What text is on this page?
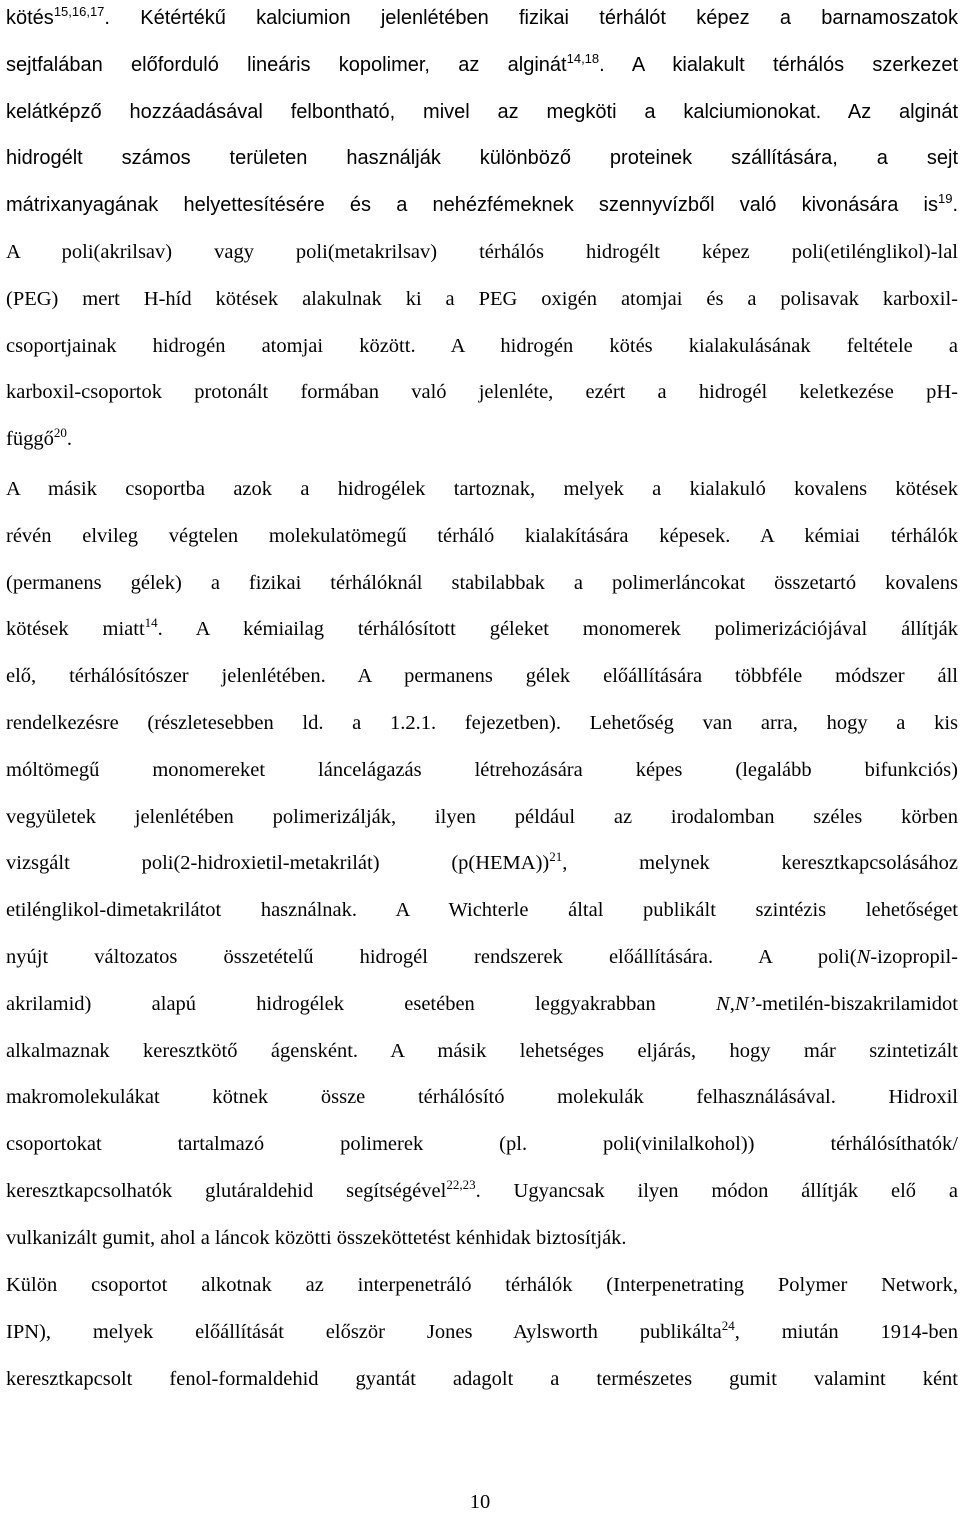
kötés$^{15,16,17}$. Kétértékű kalciumion jelenlétében fizikai térhálót képez a barnamoszatok
sejtfalában előforduló lineáris kopolimer, az alginát$^{14,18}$. A kialakult térhálós szerkezet
kelátképző hozzáadásával felbontható, mivel az megköti a kalciumionokat. Az alginát
hidrogélt számos területen használják különböző proteinek szállítására, a sejt
mátrixanyagának helyettesítésére és a nehézfémeknek szennyvízből való kivonására $is^{19}$.
A poli(akrilsav) vagy poli(metakrilsav) térhálós hidrogélt képez poli(etilénglikol)-lal
(PEG) mert H-híd kötések alakulnak ki a PEG oxigén atomjai és a polisavak karboxil-
csoportjainak hidrogén atomjai között. A hidrogén kötés kialakulásának feltétele a
karboxil-csoportok protonált formában való jelenléte, ezért a hidrogél keletkezése pH-
függő$^{20}$.
A másik csoportba azok a hidrogélek tartoznak, melyek a kialakuló kovalens kötések
révén elvileg végtelen molekulatömegű térháló kialakítására képesek. A kémiai térhálók
(permanens gélek) a fizikai térhálóknál stabilabbak a polimerláncokat összetartó kovalens
kötések miatt$^{14}$. A kémiailag térhálósított géleket monomerek polimerizációjával állítják
elő, térhálósítószer jelenlétében. A permanens gélek előállítására többféle módszer áll
rendelkezésre (részletesebben ld. a 1.2.1. fejezetben). Lehetőség van arra, hogy a kis
móltömegű monomereket láncelágazás létrehozására képes (legalább bifunkciós)
vegyületek jelenlétében polimerizálják, ilyen például az irodalomban széles körben
vizsgált poli(2-hidroxietil-metakrilát) (p(HEMA))$^{21}$, melynek keresztkapcsolásához
etilénglikol-dimetakrilátot használnak. A Wichterle által publikált szintézis lehetőséget
nyújt változatos összetételű hidrogél rendszerek előállítására. A poli(N-izopropil-
akrilamid) alapú hidrogélek esetében leggyakrabban N,N’-metilén-biszakrilamidot
alkalmaznak keresztkötő ágensként. A másik lehetséges eljárás, hogy már szintetizált
makromolekulákat kötnek össze térhálósító molekulák felhasználásával. Hidroxil
csoportokat tartalmazó polimerek (pl. poli(vinilalkohol)) térhálósíthatók/
keresztkapcsolhatók glutáraldehid segítségével$^{22,23}$. Ugyancsak ilyen módon állítják elő a
vulkanizált gumit, ahol a láncok közötti összeköttetést kénhidak biztosítják.
Külön csoportot alkotnak az interpenetráló térhálók (Interpenetrating Polymer Network,
IPN), melyek előállítását először Jones Aylsworth publikálta$^{24}$, miután 1914-ben
keresztkapcsolt fenol-formaldehid gyantát adagolt a természetes gumit valamint ként
10
